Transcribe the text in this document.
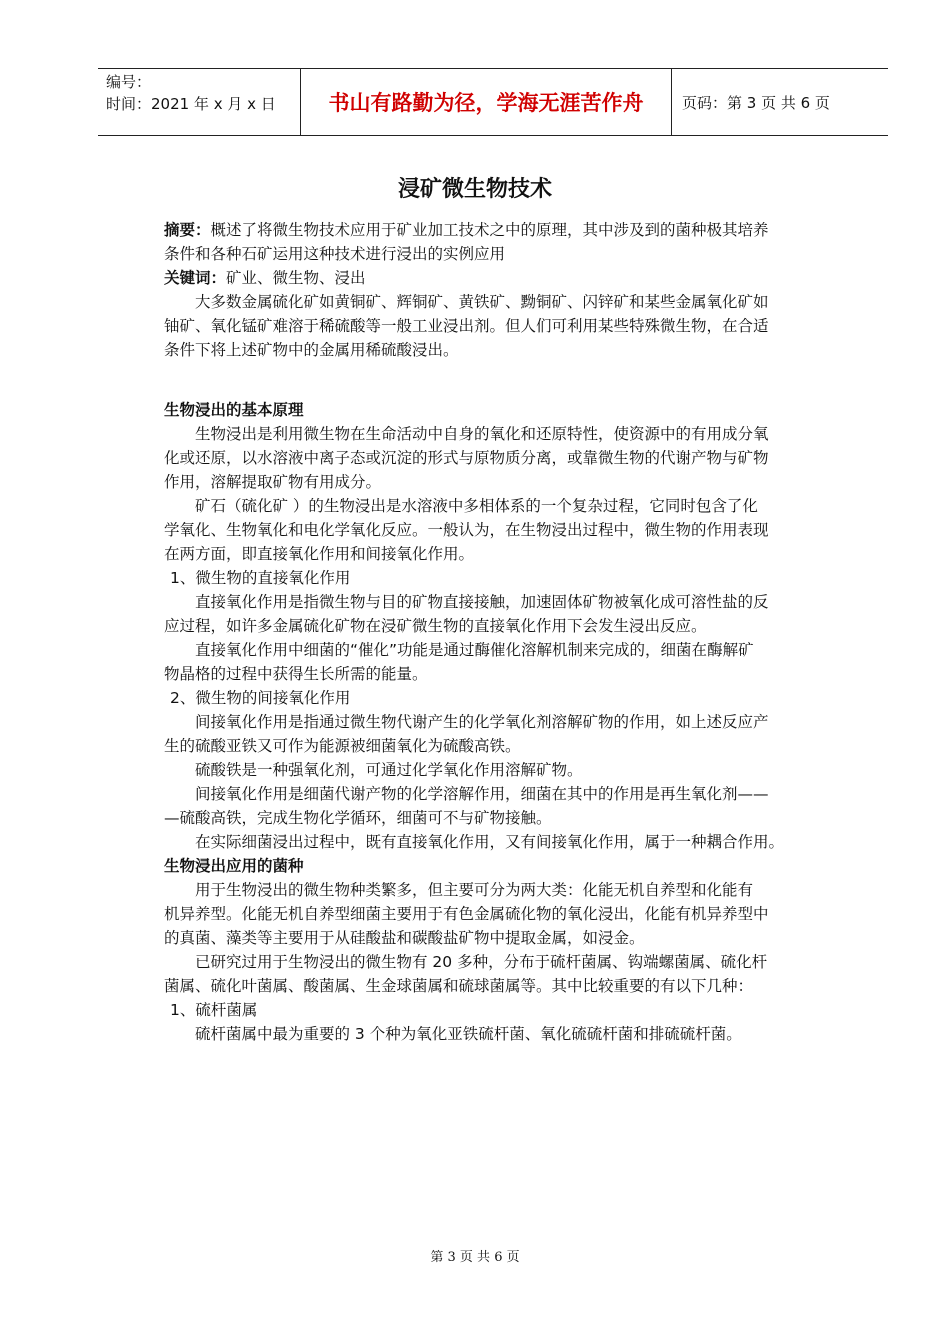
编号：
时间：2021 年 x 月 x 日	书山有路勤为径，学海无涯苦作舟	页码：第 3 页 共 6 页
浸矿微生物技术
摘要：概述了将微生物技术应用于矿业加工技术之中的原理，其中涉及到的菌种极其培养
条件和各种石矿运用这种技术进行浸出的实例应用
关键词：矿业、微生物、浸出
大多数金属硫化矿如黄铜矿、辉铜矿、黄铁矿、黝铜矿、闪锌矿和某些金属氧化矿如
铀矿、氧化锰矿难溶于稀硫酸等一般工业浸出剂。但人们可利用某些特殊微生物，在合适
条件下将上述矿物中的金属用稀硫酸浸出。
生物浸出的基本原理
生物浸出是利用微生物在生命活动中自身的氧化和还原特性，使资源中的有用成分氧
化或还原，以水溶液中离子态或沉淀的形式与原物质分离，或靠微生物的代谢产物与矿物
作用，溶解提取矿物有用成分。
矿石（硫化矿 ）的生物浸出是水溶液中多相体系的一个复杂过程，它同时包含了化
学氧化、生物氧化和电化学氧化反应。一般认为，在生物浸出过程中，微生物的作用表现
在两方面，即直接氧化作用和间接氧化作用。
1、微生物的直接氧化作用
直接氧化作用是指微生物与目的矿物直接接触，加速固体矿物被氧化成可溶性盐的反
应过程，如许多金属硫化矿物在浸矿微生物的直接氧化作用下会发生浸出反应。
直接氧化作用中细菌的“催化”功能是通过酶催化溶解机制来完成的，细菌在酶解矿
物晶格的过程中获得生长所需的能量。
2、微生物的间接氧化作用
间接氧化作用是指通过微生物代谢产生的化学氧化剂溶解矿物的作用，如上述反应产
生的硫酸亚铁又可作为能源被细菌氧化为硫酸高铁。
硫酸铁是一种强氧化剂，可通过化学氧化作用溶解矿物。
间接氧化作用是细菌代谢产物的化学溶解作用，细菌在其中的作用是再生氧化剂——
—硫酸高铁，完成生物化学循环，细菌可不与矿物接触。
在实际细菌浸出过程中，既有直接氧化作用，又有间接氧化作用，属于一种耦合作用。
生物浸出应用的菌种
用于生物浸出的微生物种类繁多，但主要可分为两大类：化能无机自养型和化能有
机异养型。化能无机自养型细菌主要用于有色金属硫化物的氧化浸出，化能有机异养型中
的真菌、藻类等主要用于从硅酸盐和碳酸盐矿物中提取金属，如浸金。
已研究过用于生物浸出的微生物有 20 多种，分布于硫杆菌属、钩端螺菌属、硫化杆
菌属、硫化叶菌属、酸菌属、生金球菌属和硫球菌属等。其中比较重要的有以下几种：
1、硫杆菌属
硫杆菌属中最为重要的 3 个种为氧化亚铁硫杆菌、氧化硫硫杆菌和排硫硫杆菌。
第 3 页 共 6 页
